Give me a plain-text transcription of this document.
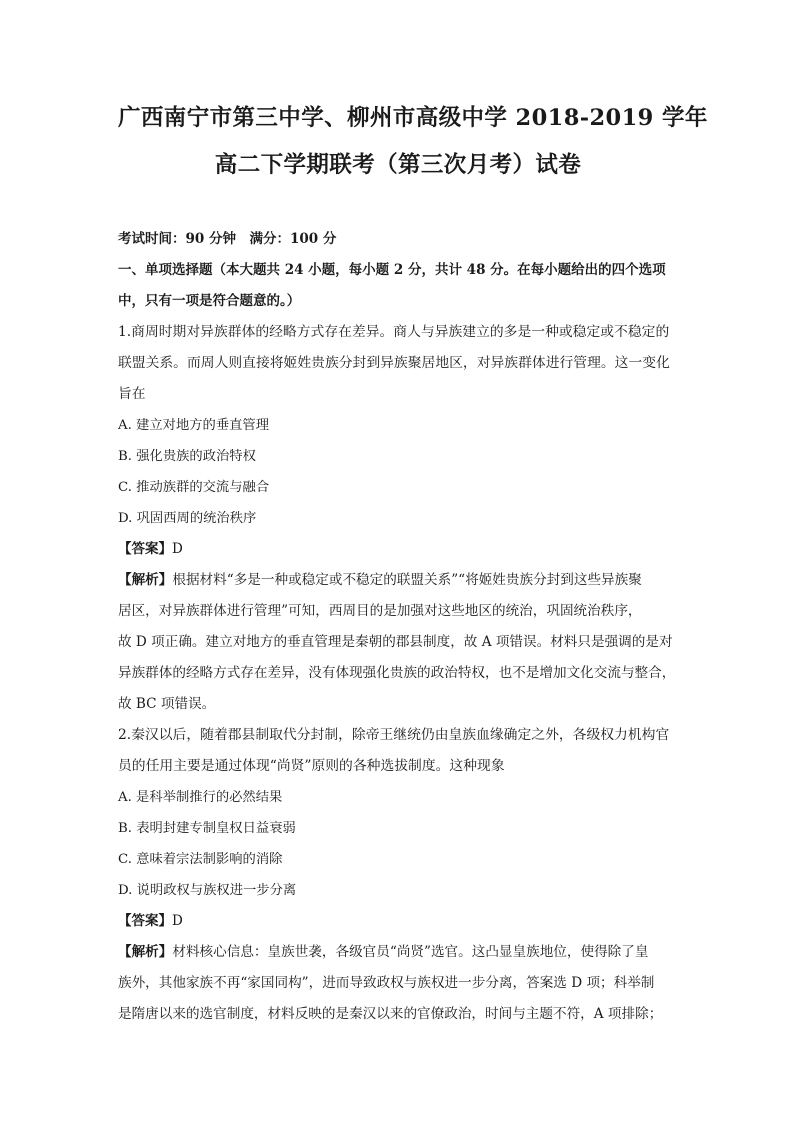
广西南宁市第三中学、柳州市高级中学 2018-2019 学年
高二下学期联考（第三次月考）试卷
考试时间：90 分钟　满分：100 分
一、单项选择题（本大题共 24 小题，每小题 2 分，共计 48 分。在每小题给出的四个选项
中，只有一项是符合题意的。）
1.商周时期对异族群体的经略方式存在差异。商人与异族建立的多是一种或稳定或不稳定的
联盟关系。而周人则直接将姬姓贵族分封到异族聚居地区，对异族群体进行管理。这一变化
旨在
A. 建立对地方的垂直管理
B. 强化贵族的政治特权
C. 推动族群的交流与融合
D. 巩固西周的统治秩序
【答案】D
【解析】根据材料“多是一种或稳定或不稳定的联盟关系”“将姬姓贵族分封到这些异族聚
居区，对异族群体进行管理”可知，西周目的是加强对这些地区的统治，巩固统治秩序，
故 D 项正确。建立对地方的垂直管理是秦朝的郡县制度，故 A 项错误。材料只是强调的是对
异族群体的经略方式存在差异，没有体现强化贵族的政治特权，也不是增加文化交流与整合，
故 BC 项错误。
2.秦汉以后，随着郡县制取代分封制，除帝王继统仍由皇族血缘确定之外，各级权力机构官
员的任用主要是通过体现“尚贤”原则的各种选拔制度。这种现象
A. 是科举制推行的必然结果
B. 表明封建专制皇权日益衰弱
C. 意味着宗法制影响的消除
D. 说明政权与族权进一步分离
【答案】D
【解析】材料核心信息：皇族世袭，各级官员“尚贤”选官。这凸显皇族地位，使得除了皇
族外，其他家族不再“家国同构”，进而导致政权与族权进一步分离，答案选 D 项；科举制
是隋唐以来的选官制度，材料反映的是秦汉以来的官僚政治，时间与主题不符，A 项排除；
